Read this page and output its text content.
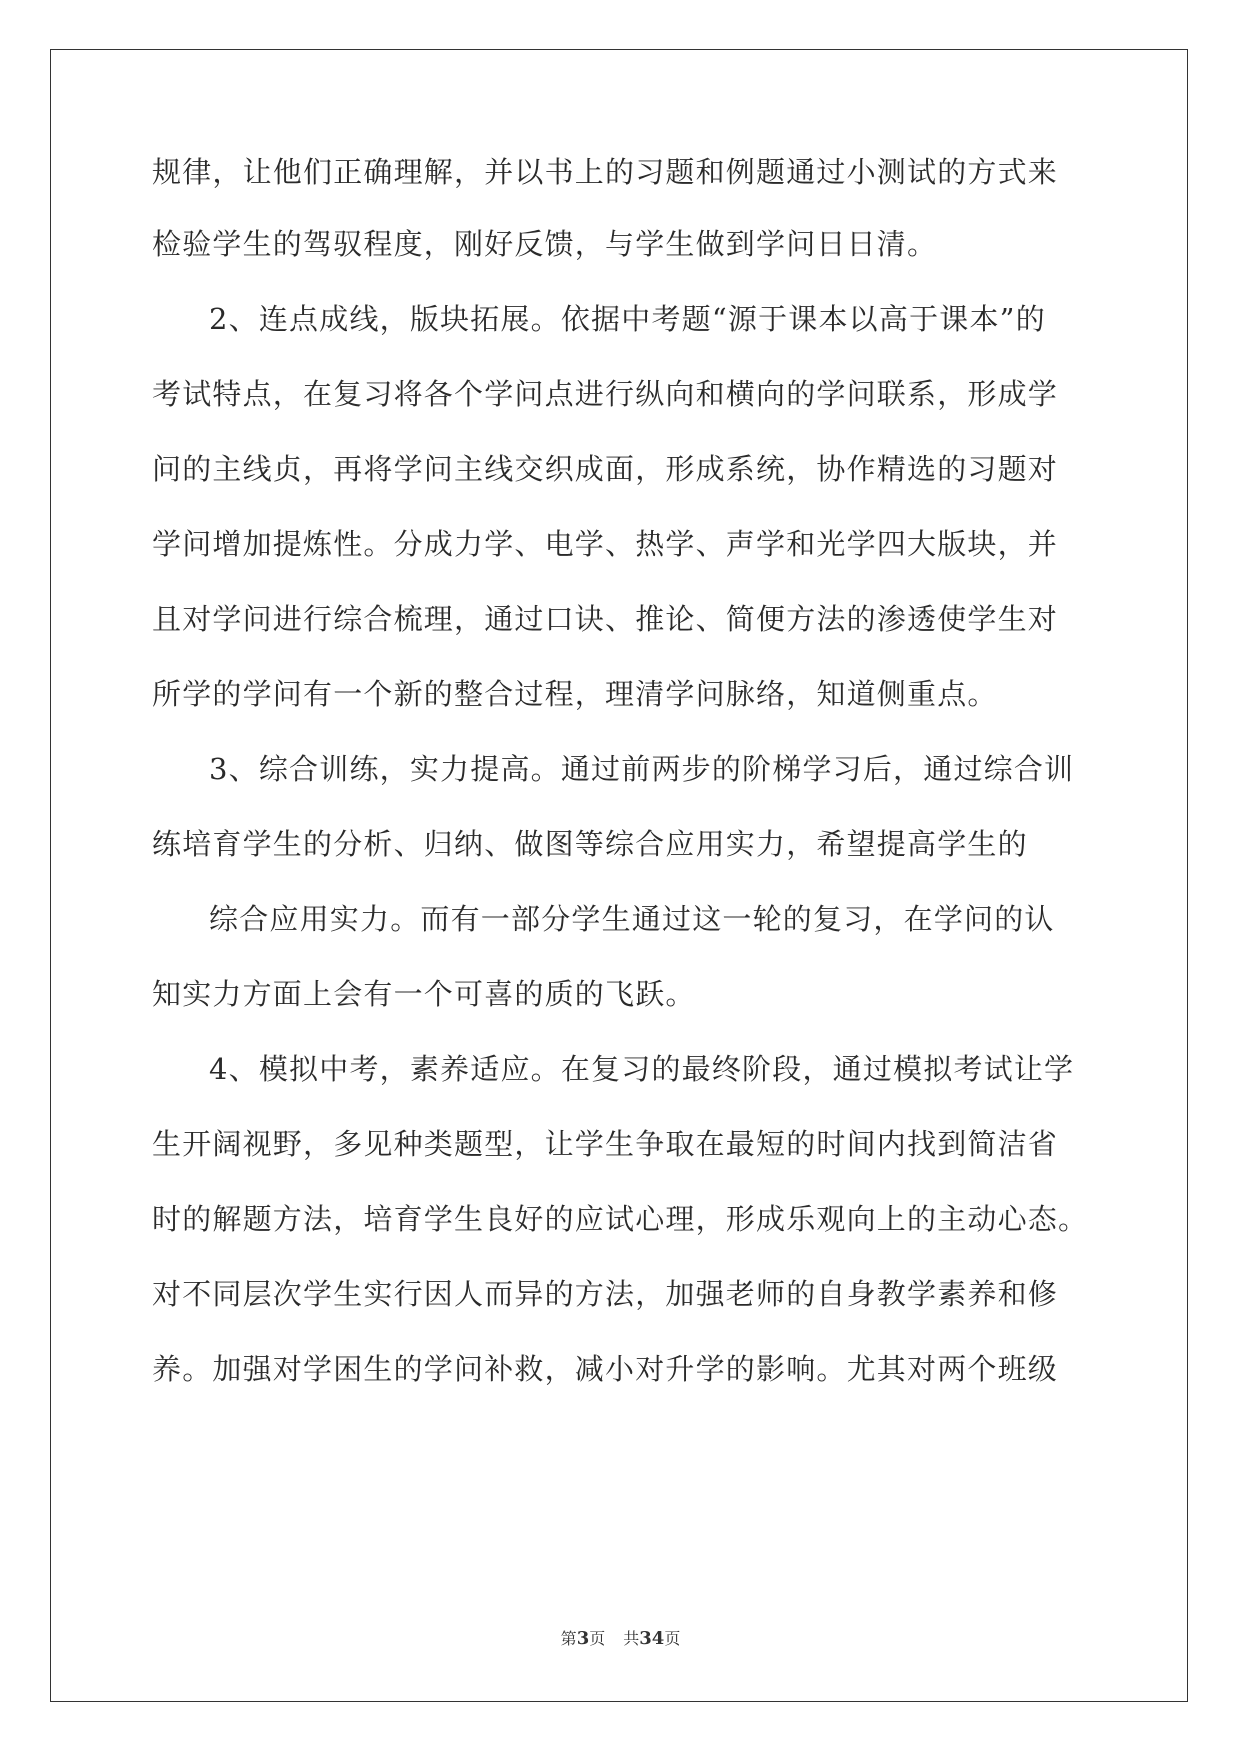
规律，让他们正确理解，并以书上的习题和例题通过小测试的方式来
检验学生的驾驭程度，刚好反馈，与学生做到学问日日清。
2、连点成线，版块拓展。依据中考题“源于课本以高于课本”的
考试特点，在复习将各个学问点进行纵向和横向的学问联系，形成学
问的主线贞，再将学问主线交织成面，形成系统，协作精选的习题对
学问增加提炼性。分成力学、电学、热学、声学和光学四大版块，并
且对学问进行综合梳理，通过口诀、推论、简便方法的渗透使学生对
所学的学问有一个新的整合过程，理清学问脉络，知道侧重点。
3、综合训练，实力提高。通过前两步的阶梯学习后，通过综合训
练培育学生的分析、归纳、做图等综合应用实力，希望提高学生的
综合应用实力。而有一部分学生通过这一轮的复习，在学问的认
知实力方面上会有一个可喜的质的飞跃。
4、模拟中考，素养适应。在复习的最终阶段，通过模拟考试让学
生开阔视野，多见种类题型，让学生争取在最短的时间内找到简洁省
时的解题方法，培育学生良好的应试心理，形成乐观向上的主动心态。
对不同层次学生实行因人而异的方法，加强老师的自身教学素养和修
养。加强对学困生的学问补救，减小对升学的影响。尤其对两个班级
第3页 共34页
